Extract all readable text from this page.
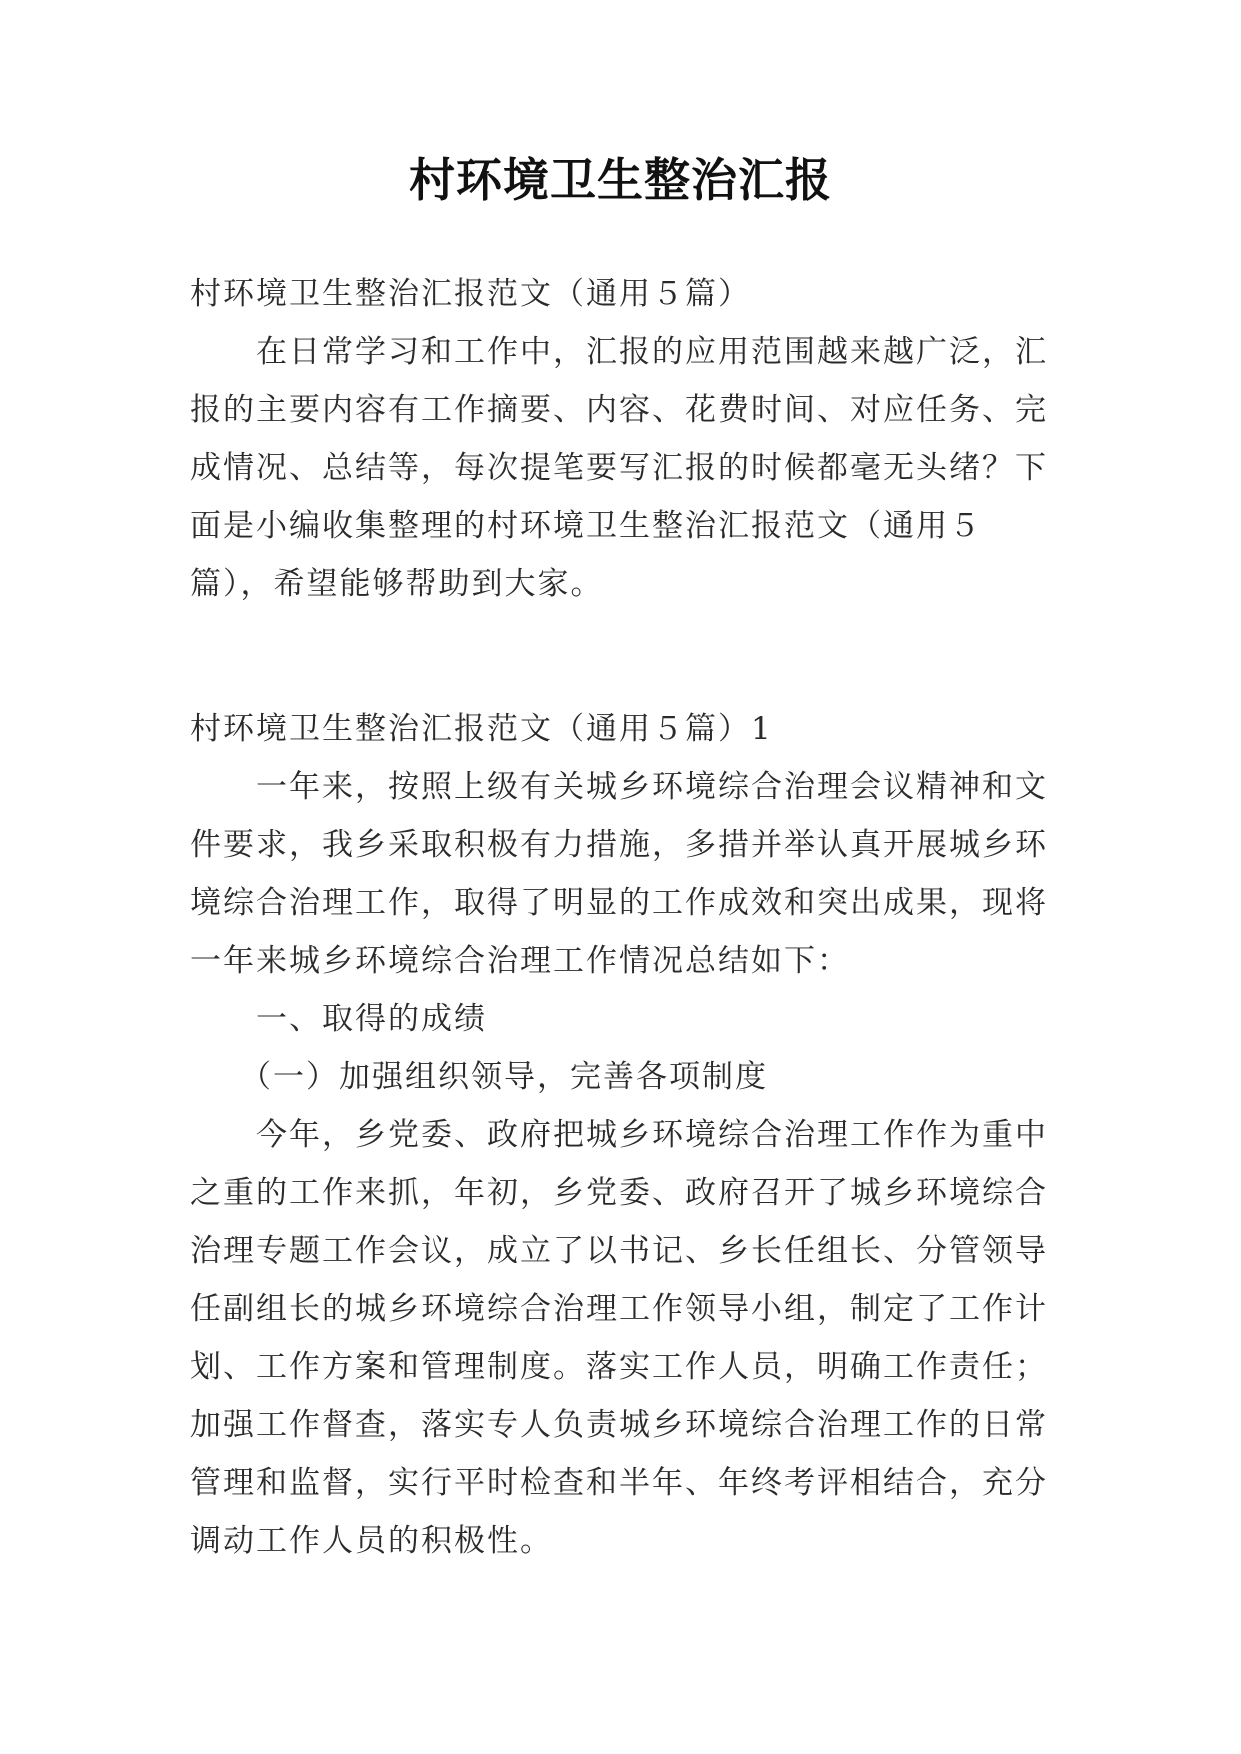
村环境卫生整治汇报

村环境卫生整治汇报范文（通用５篇）

在日常学习和工作中，汇报的应用范围越来越广泛，汇报的主要内容有工作摘要、内容、花费时间、对应任务、完成情况、总结等，每次提笔要写汇报的时候都毫无头绪？下面是小编收集整理的村环境卫生整治汇报范文（通用５篇），希望能够帮助到大家。

村环境卫生整治汇报范文（通用５篇）1

一年来，按照上级有关城乡环境综合治理会议精神和文件要求，我乡采取积极有力措施，多措并举认真开展城乡环境综合治理工作，取得了明显的工作成效和突出成果，现将一年来城乡环境综合治理工作情况总结如下：

一、取得的成绩

（一）加强组织领导，完善各项制度

今年，乡党委、政府把城乡环境综合治理工作作为重中之重的工作来抓，年初，乡党委、政府召开了城乡环境综合治理专题工作会议，成立了以书记、乡长任组长、分管领导任副组长的城乡环境综合治理工作领导小组，制定了工作计划、工作方案和管理制度。落实工作人员，明确工作责任；加强工作督查，落实专人负责城乡环境综合治理工作的日常管理和监督，实行平时检查和半年、年终考评相结合，充分调动工作人员的积极性。
